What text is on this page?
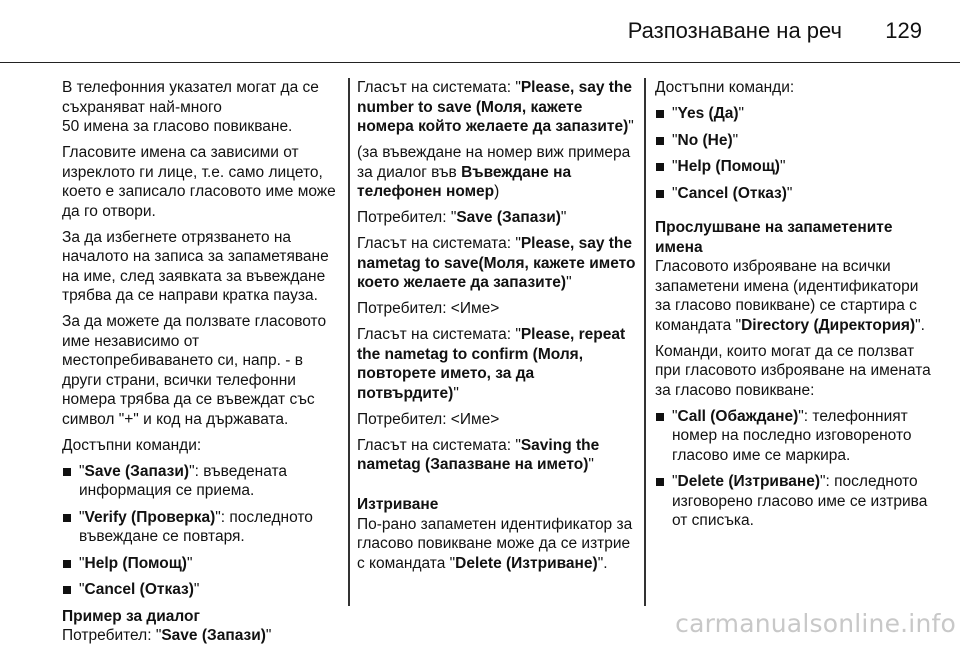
Разпознаване на реч 129

В телефонния указател могат да се съхраняват най-много
50 имена за гласово повикване.

Гласовите имена са зависими от изреклото ги лице, т.е. само лицето, което е записало гласовото име може да го отвори.

За да избегнете отрязването на началото на записа за запаметяване на име, след заявката за въвеждане трябва да се направи кратка пауза.

За да можете да ползвате гласовото име независимо от местопребиваването си, напр. - в други страни, всички телефонни номера трябва да се въвеждат със символ "+" и код на държавата.

Достъпни команди:

"Save (Запази)": въведената информация се приема.
"Verify (Проверка)": последното въвеждане се повтаря.
"Help (Помощ)"
"Cancel (Отказ)"

Пример за диалог

Потребител: "Save (Запази)"

Гласът на системата: "Please, say the number to save (Моля, кажете номера който желаете да запазите)"

(за въвеждане на номер виж примера за диалог във Въвеждане на телефонен номер)

Потребител: "Save (Запази)"

Гласът на системата: "Please, say the nametag to save(Моля, кажете името което желаете да запазите)"

Потребител: <Име>

Гласът на системата: "Please, repeat the nametag to confirm (Моля, повторете името, за да потвърдите)"

Потребител: <Име>

Гласът на системата: "Saving the nametag (Запазване на името)"

Изтриване

По-рано запаметен идентификатор за гласово повикване може да се изтрие с командата "Delete (Изтриване)".

Достъпни команди:

"Yes (Да)"
"No (Не)"
"Help (Помощ)"
"Cancel (Отказ)"

Прослушване на запаметените имена

Гласовото изброяване на всички запаметени имена (идентификатори за гласово повикване) се стартира с командата "Directory (Директория)".

Команди, които могат да се ползват при гласовото изброяване на имената за гласово повикване:

"Call (Обаждане)": телефонният номер на последно изговореното гласово име се маркира.
"Delete (Изтриване)": последното изговорено гласово име се изтрива от списъка.
carmanualsonline.info
